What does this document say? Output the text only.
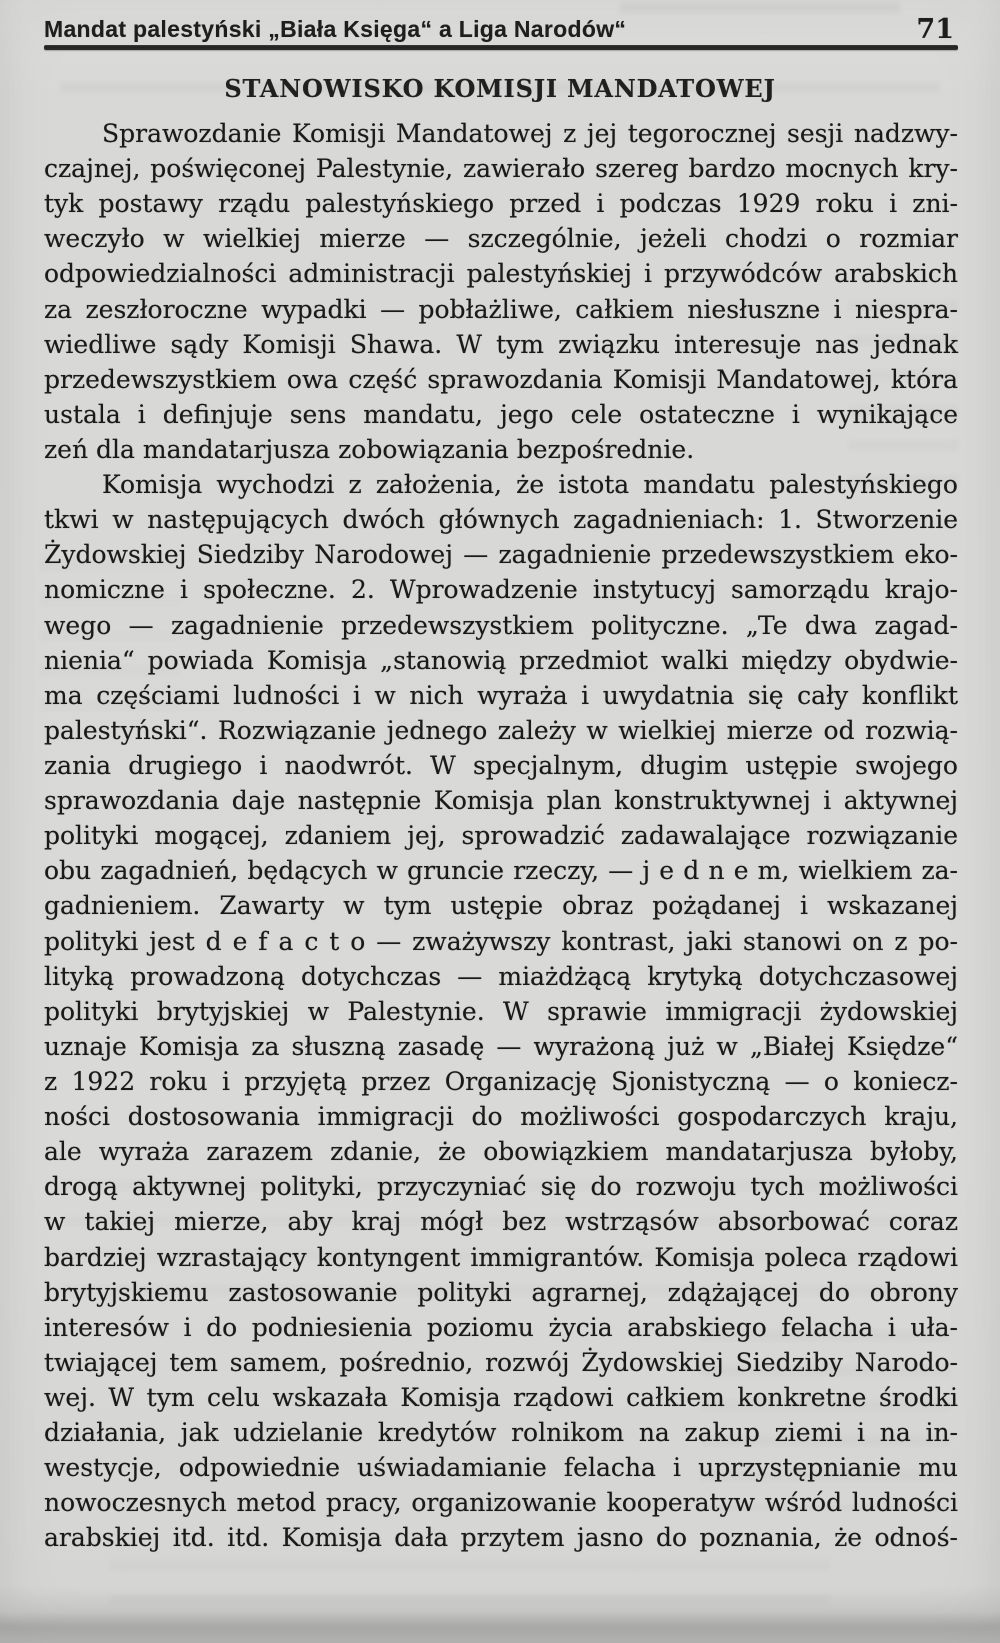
Mandat palestyński „Biała Księga“ a Liga Narodów“	71
STANOWISKO KOMISJI MANDATOWEJ
Sprawozdanie Komisji Mandatowej z jej tegorocznej sesji nadzwy-
czajnej, poświęconej Palestynie, zawierało szereg bardzo mocnych kry-
tyk postawy rządu palestyńskiego przed i podczas 1929 roku i zni-
weczyło w wielkiej mierze — szczególnie, jeżeli chodzi o rozmiar
odpowiedzialności administracji palestyńskiej i przywódców arabskich
za zeszłoroczne wypadki — pobłażliwe, całkiem niesłuszne i niespra-
wiedliwe sądy Komisji Shawa. W tym związku interesuje nas jednak
przedewszystkiem owa część sprawozdania Komisji Mandatowej, która
ustala i definjuje sens mandatu, jego cele ostateczne i wynikające
zeń dla mandatarjusza zobowiązania bezpośrednie.
Komisja wychodzi z założenia, że istota mandatu palestyńskiego
tkwi w następujących dwóch głównych zagadnieniach: 1. Stworzenie
Żydowskiej Siedziby Narodowej — zagadnienie przedewszystkiem eko-
nomiczne i społeczne. 2. Wprowadzenie instytucyj samorządu krajo-
wego — zagadnienie przedewszystkiem polityczne. „Te dwa zagad-
nienia“ powiada Komisja „stanowią przedmiot walki między obydwie-
ma częściami ludności i w nich wyraża i uwydatnia się cały konflikt
palestyński“. Rozwiązanie jednego zależy w wielkiej mierze od rozwią-
zania drugiego i naodwrót. W specjalnym, długim ustępie swojego
sprawozdania daje następnie Komisja plan konstruktywnej i aktywnej
polityki mogącej, zdaniem jej, sprowadzić zadawalające rozwiązanie
obu zagadnień, będących w gruncie rzeczy, — j e d n e m, wielkiem za-
gadnieniem. Zawarty w tym ustępie obraz pożądanej i wskazanej
polityki jest d e f a c t o — zważywszy kontrast, jaki stanowi on z po-
lityką prowadzoną dotychczas — miażdżącą krytyką dotychczasowej
polityki brytyjskiej w Palestynie. W sprawie immigracji żydowskiej
uznaje Komisja za słuszną zasadę — wyrażoną już w „Białej Księdze“
z 1922 roku i przyjętą przez Organizację Sjonistyczną — o koniecz-
ności dostosowania immigracji do możliwości gospodarczych kraju,
ale wyraża zarazem zdanie, że obowiązkiem mandatarjusza byłoby,
drogą aktywnej polityki, przyczyniać się do rozwoju tych możliwości
w takiej mierze, aby kraj mógł bez wstrząsów absorbować coraz
bardziej wzrastający kontyngent immigrantów. Komisja poleca rządowi
brytyjskiemu zastosowanie polityki agrarnej, zdążającej do obrony
interesów i do podniesienia poziomu życia arabskiego felacha i uła-
twiającej tem samem, pośrednio, rozwój Żydowskiej Siedziby Narodo-
wej. W tym celu wskazała Komisja rządowi całkiem konkretne środki
działania, jak udzielanie kredytów rolnikom na zakup ziemi i na in-
westycje, odpowiednie uświadamianie felacha i uprzystępnianie mu
nowoczesnych metod pracy, organizowanie kooperatyw wśród ludności
arabskiej itd. itd. Komisja dała przytem jasno do poznania, że odnoś-
